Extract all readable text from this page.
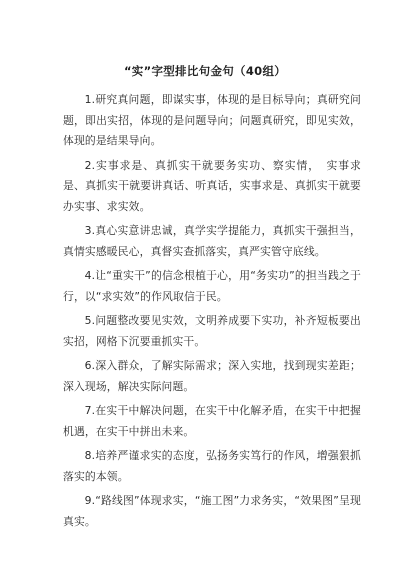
“实”字型排比句金句（40组）

1.研究真问题，即谋实事，体现的是目标导向；真研究问题，即出实招，体现的是问题导向；问题真研究，即见实效，体现的是结果导向。

2.实事求是、真抓实干就要务实功、察实情，　实事求是、真抓实干就要讲真话、听真话，实事求是、真抓实干就要办实事、求实效。

3.真心实意讲忠诚，真学实学提能力，真抓实干强担当，真情实感暖民心，真督实查抓落实，真严实管守底线。

4.让“重实干”的信念根植于心，用“务实功”的担当践之于行，以“求实效”的作风取信于民。

5.问题整改要见实效，文明养成要下实功，补齐短板要出实招，网格下沉要重抓实干。

6.深入群众，了解实际需求；深入实地，找到现实差距；深入现场，解决实际问题。

7.在实干中解决问题，在实干中化解矛盾，在实干中把握机遇，在实干中拼出未来。

8.培养严谨求实的态度，弘扬务实笃行的作风，增强狠抓落实的本领。

9.“路线图”体现求实，“施工图”力求务实，“效果图”呈现真实。
